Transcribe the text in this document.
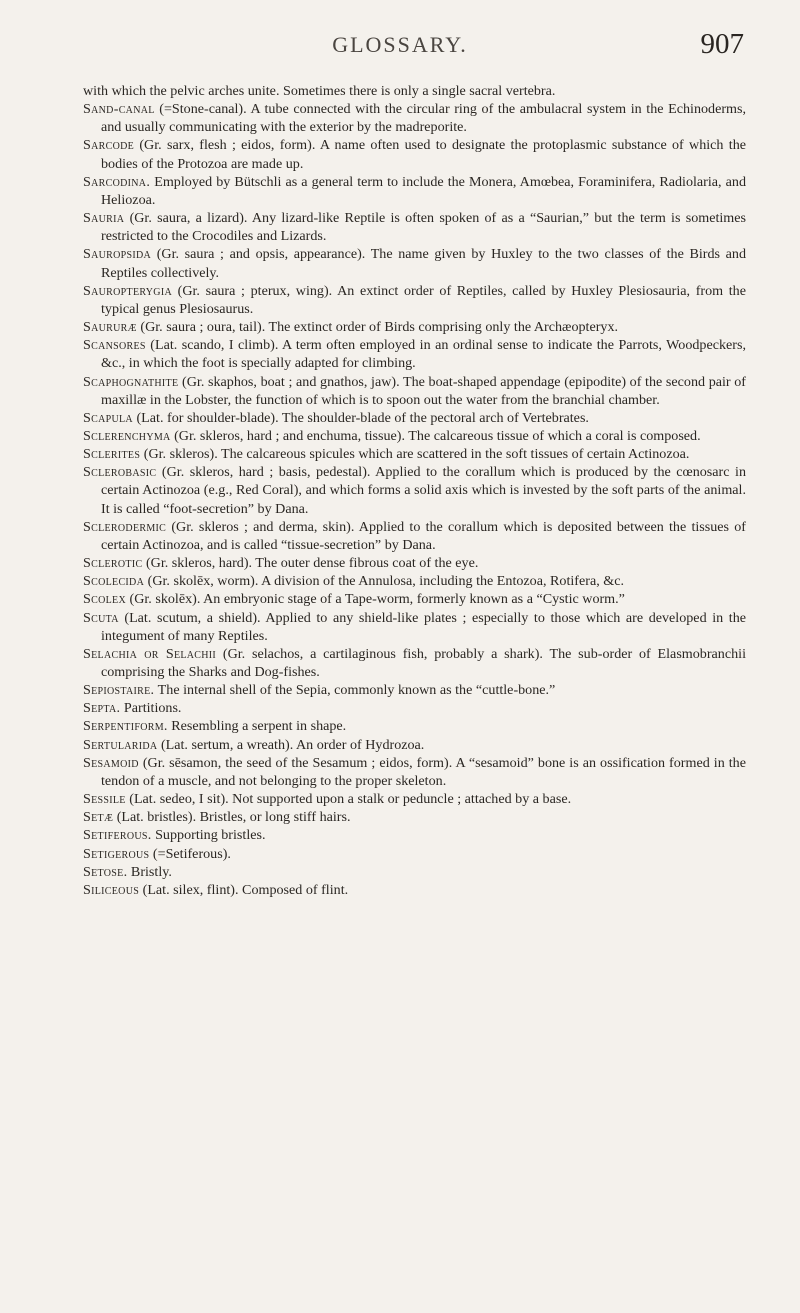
GLOSSARY.	907

with which the pelvic arches unite. Sometimes there is only a single sacral vertebra.

Sand-canal (=Stone-canal). A tube connected with the circular ring of the ambulacral system in the Echinoderms, and usually communicating with the exterior by the madreporite.

Sarcode (Gr. sarx, flesh ; eidos, form). A name often used to designate the protoplasmic substance of which the bodies of the Protozoa are made up.

Sarcodina. Employed by Bütschli as a general term to include the Monera, Amœbea, Foraminifera, Radiolaria, and Heliozoa.

Sauria (Gr. saura, a lizard). Any lizard-like Reptile is often spoken of as a “Saurian,” but the term is sometimes restricted to the Crocodiles and Lizards.

Sauropsida (Gr. saura ; and opsis, appearance). The name given by Huxley to the two classes of the Birds and Reptiles collectively.

Sauropterygia (Gr. saura ; pterux, wing). An extinct order of Reptiles, called by Huxley Plesiosauria, from the typical genus Plesiosaurus.

Saururæ (Gr. saura ; oura, tail). The extinct order of Birds comprising only the Archæopteryx.

Scansores (Lat. scando, I climb). A term often employed in an ordinal sense to indicate the Parrots, Woodpeckers, &c., in which the foot is specially adapted for climbing.

Scaphognathite (Gr. skaphos, boat ; and gnathos, jaw). The boat-shaped appendage (epipodite) of the second pair of maxillæ in the Lobster, the function of which is to spoon out the water from the branchial chamber.

Scapula (Lat. for shoulder-blade). The shoulder-blade of the pectoral arch of Vertebrates.

Sclerenchyma (Gr. skleros, hard ; and enchuma, tissue). The calcareous tissue of which a coral is composed.

Sclerites (Gr. skleros). The calcareous spicules which are scattered in the soft tissues of certain Actinozoa.

Sclerobasic (Gr. skleros, hard ; basis, pedestal). Applied to the corallum which is produced by the cœnosarc in certain Actinozoa (e.g., Red Coral), and which forms a solid axis which is invested by the soft parts of the animal. It is called “foot-secretion” by Dana.

Sclerodermic (Gr. skleros ; and derma, skin). Applied to the corallum which is deposited between the tissues of certain Actinozoa, and is called “tissue-secretion” by Dana.

Sclerotic (Gr. skleros, hard). The outer dense fibrous coat of the eye.

Scolecida (Gr. skolēx, worm). A division of the Annulosa, including the Entozoa, Rotifera, &c.

Scolex (Gr. skolēx). An embryonic stage of a Tape-worm, formerly known as a “Cystic worm.”

Scuta (Lat. scutum, a shield). Applied to any shield-like plates ; especially to those which are developed in the integument of many Reptiles.

Selachia or Selachii (Gr. selachos, a cartilaginous fish, probably a shark). The sub-order of Elasmobranchii comprising the Sharks and Dog-fishes.

Sepiostaire. The internal shell of the Sepia, commonly known as the “cuttle-bone.”

Septa. Partitions.

Serpentiform. Resembling a serpent in shape.

Sertularida (Lat. sertum, a wreath). An order of Hydrozoa.

Sesamoid (Gr. sēsamon, the seed of the Sesamum ; eidos, form). A “sesamoid” bone is an ossification formed in the tendon of a muscle, and not belonging to the proper skeleton.

Sessile (Lat. sedeo, I sit). Not supported upon a stalk or peduncle ; attached by a base.

Setæ (Lat. bristles). Bristles, or long stiff hairs.

Setiferous. Supporting bristles.

Setigerous (=Setiferous).

Setose. Bristly.

Siliceous (Lat. silex, flint). Composed of flint.
